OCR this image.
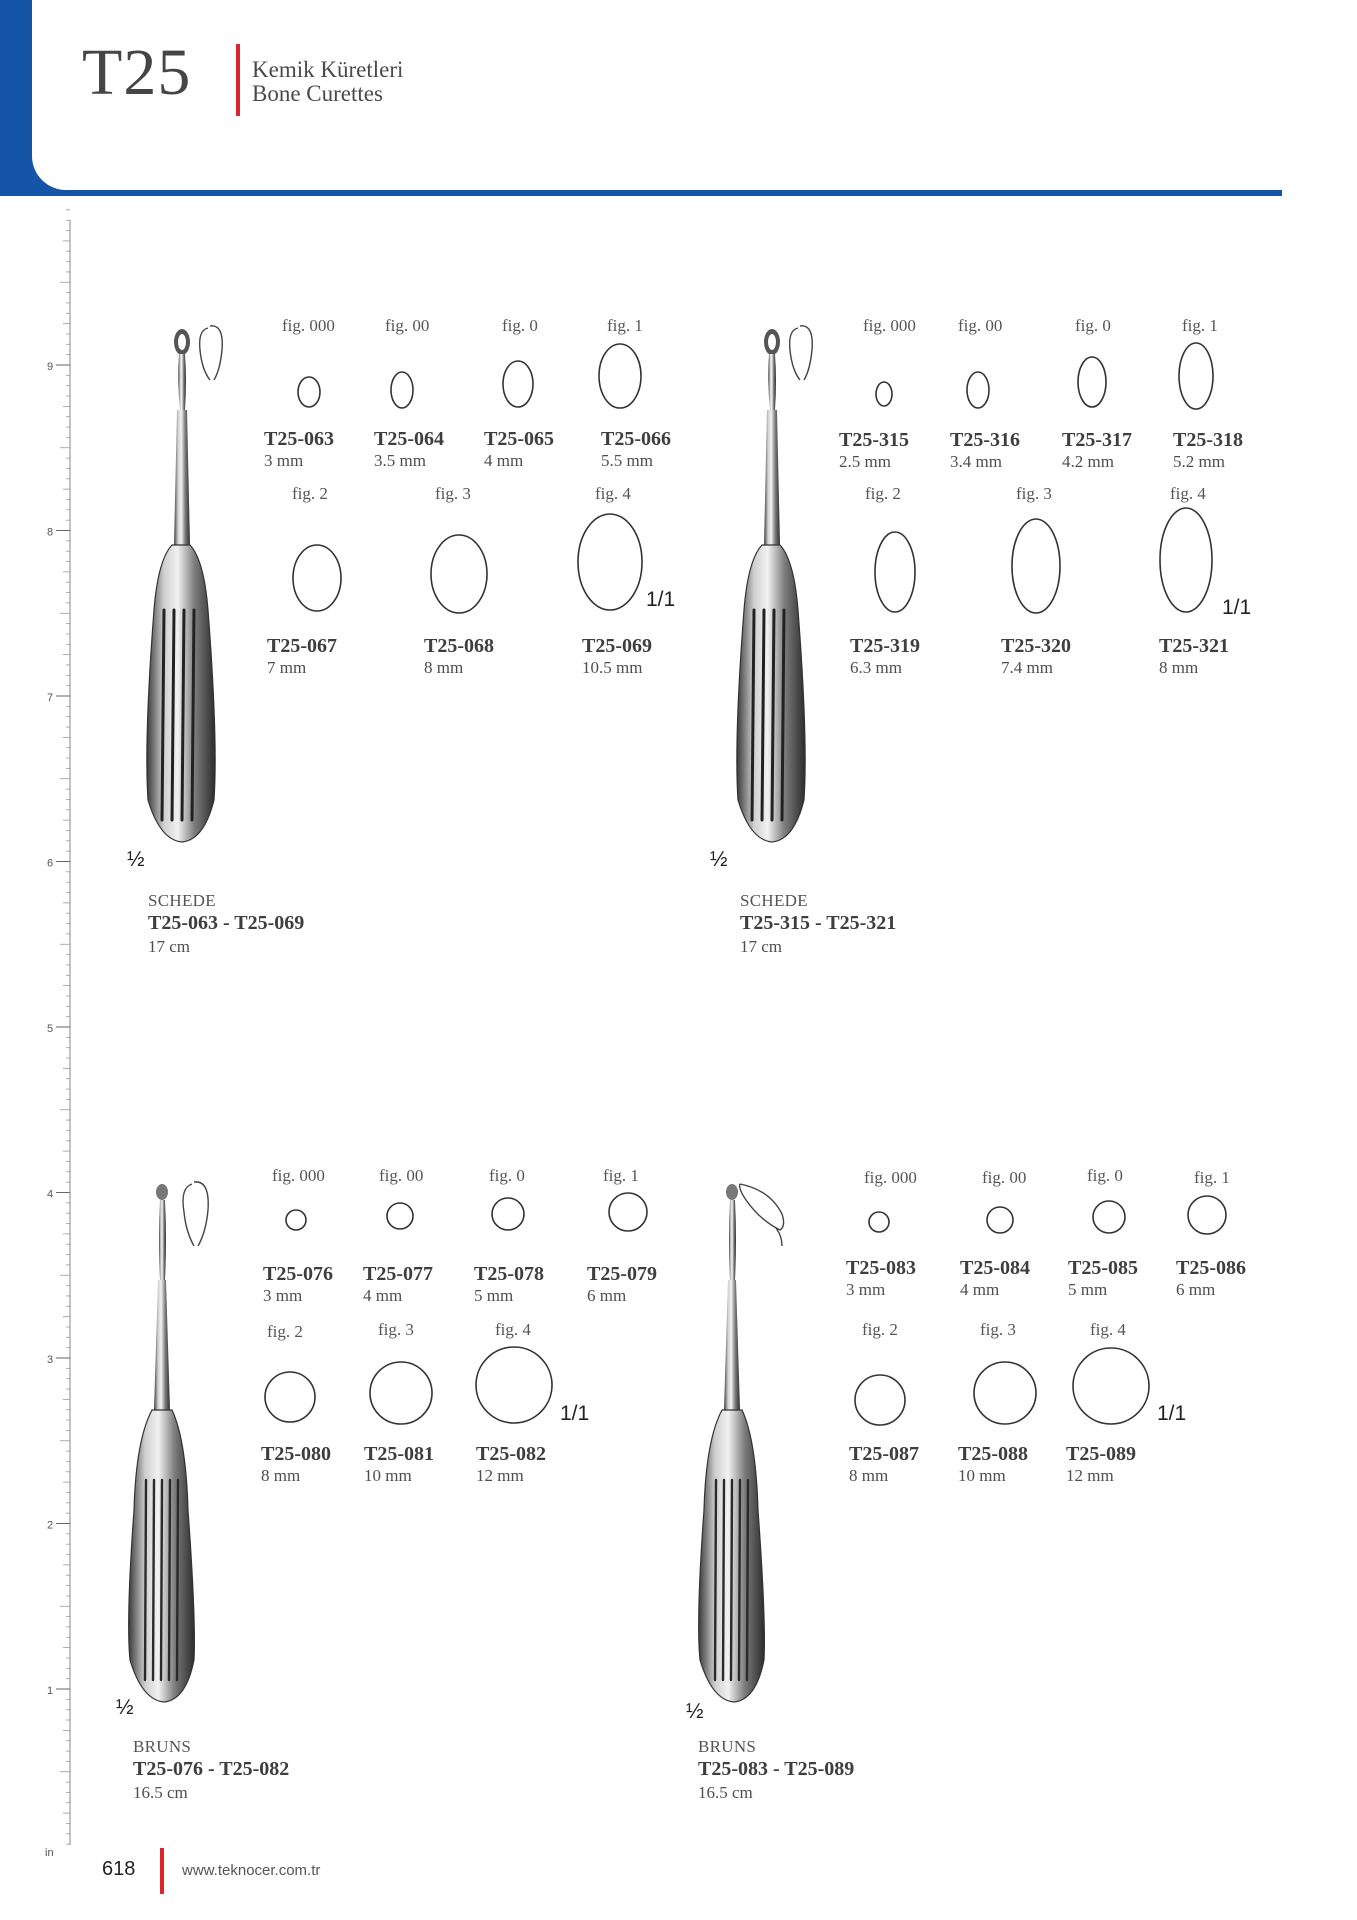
T25	Kemik Küretleri
Bone Curettes
9
8
7
6
5
4
3
2
1
in
½
1/1
SCHEDE
T25-063 - T25-069
17 cm
fig. 000
T25-063
3 mm
fig. 00
T25-064
3.5 mm
fig. 0
T25-065
4 mm
fig. 1
T25-066
5.5 mm
fig. 2
T25-067
7 mm
fig. 3
T25-068
8 mm
fig. 4
T25-069
10.5 mm
½
1/1
SCHEDE
T25-315 - T25-321
17 cm
fig. 000
T25-315
2.5 mm
fig. 00
T25-316
3.4 mm
fig. 0
T25-317
4.2 mm
fig. 1
T25-318
5.2 mm
fig. 2
T25-319
6.3 mm
fig. 3
T25-320
7.4 mm
fig. 4
T25-321
8 mm
½
1/1
BRUNS
T25-076 - T25-082
16.5 cm
fig. 000
T25-076
3 mm
fig. 00
T25-077
4 mm
fig. 0
T25-078
5 mm
fig. 1
T25-079
6 mm
fig. 2
T25-080
8 mm
fig. 3
T25-081
10 mm
fig. 4
T25-082
12 mm
½
1/1
BRUNS
T25-083 - T25-089
16.5 cm
fig. 000
T25-083
3 mm
fig. 00
T25-084
4 mm
fig. 0
T25-085
5 mm
fig. 1
T25-086
6 mm
fig. 2
T25-087
8 mm
fig. 3
T25-088
10 mm
fig. 4
T25-089
12 mm
618	www.teknocer.com.tr
